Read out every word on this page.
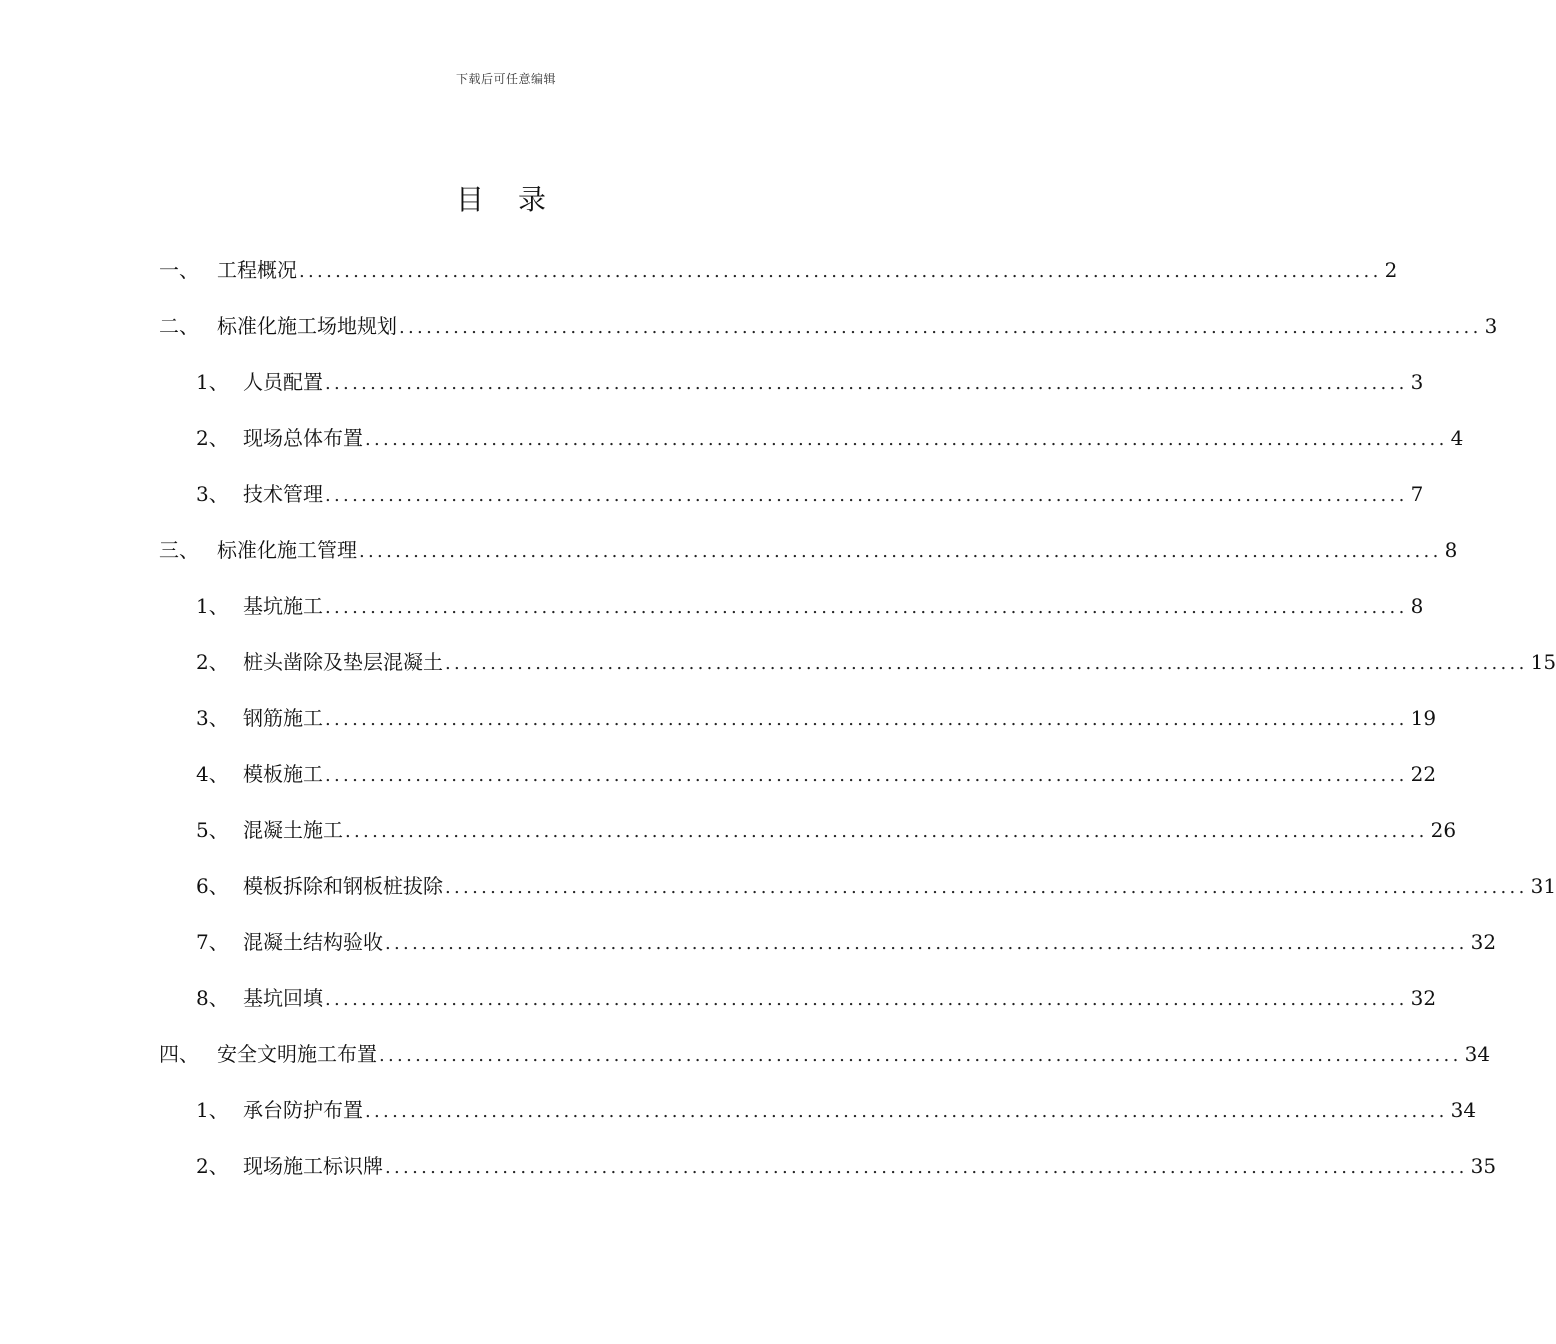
下载后可任意编辑
目录
一、 工程概况 ........................................................................................................................ 2
二、 标准化施工场地规划 ........................................................................................................................ 3
1、 人员配置 ........................................................................................................................ 3
2、 现场总体布置 ........................................................................................................................ 4
3、 技术管理 ........................................................................................................................ 7
三、 标准化施工管理 ........................................................................................................................ 8
1、 基坑施工 ........................................................................................................................ 8
2、 桩头凿除及垫层混凝土 ........................................................................................................................ 15
3、 钢筋施工 ........................................................................................................................ 19
4、 模板施工 ........................................................................................................................ 22
5、 混凝土施工 ........................................................................................................................ 26
6、 模板拆除和钢板桩拔除 ........................................................................................................................ 31
7、 混凝土结构验收 ........................................................................................................................ 32
8、 基坑回填 ........................................................................................................................ 32
四、 安全文明施工布置 ........................................................................................................................ 34
1、 承台防护布置 ........................................................................................................................ 34
2、 现场施工标识牌 ........................................................................................................................ 35
